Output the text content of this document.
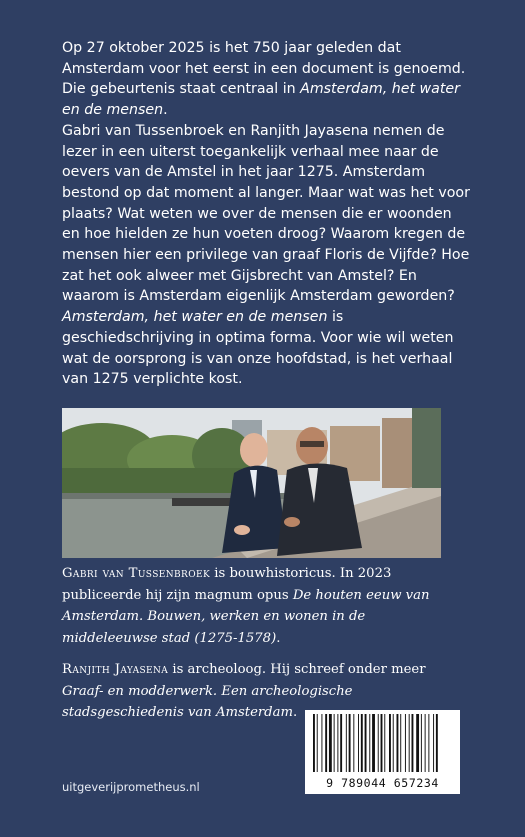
Op 27 oktober 2025 is het 750 jaar geleden dat Amsterdam voor het eerst in een document is genoemd. Die gebeurtenis staat centraal in Amsterdam, het water en de mensen.

Gabri van Tussenbroek en Ranjith Jayasena nemen de lezer in een uiterst toegankelijk verhaal mee naar de oevers van de Amstel in het jaar 1275. Amsterdam bestond op dat moment al langer. Maar wat was het voor plaats? Wat weten we over de mensen die er woonden en hoe hielden ze hun voeten droog? Waarom kregen de mensen hier een privilege van graaf Floris de Vijfde? Hoe zat het ook alweer met Gijsbrecht van Amstel? En waarom is Amsterdam eigenlijk Amsterdam geworden? Amsterdam, het water en de mensen is geschiedschrijving in optima forma. Voor wie wil weten wat de oorsprong is van onze hoofdstad, is het verhaal van 1275 verplichte kost.

Gabri van Tussenbroek is bouwhistoricus. In 2023 publiceerde hij zijn magnum opus De houten eeuw van Amsterdam. Bouwen, werken en wonen in de middeleeuwse stad (1275-1578).

Ranjith Jayasena is archeoloog. Hij schreef onder meer Graaf- en modderwerk. Een archeologische stadsgeschiedenis van Amsterdam.

uitgeverijprometheus.nl	9 789044 657234
